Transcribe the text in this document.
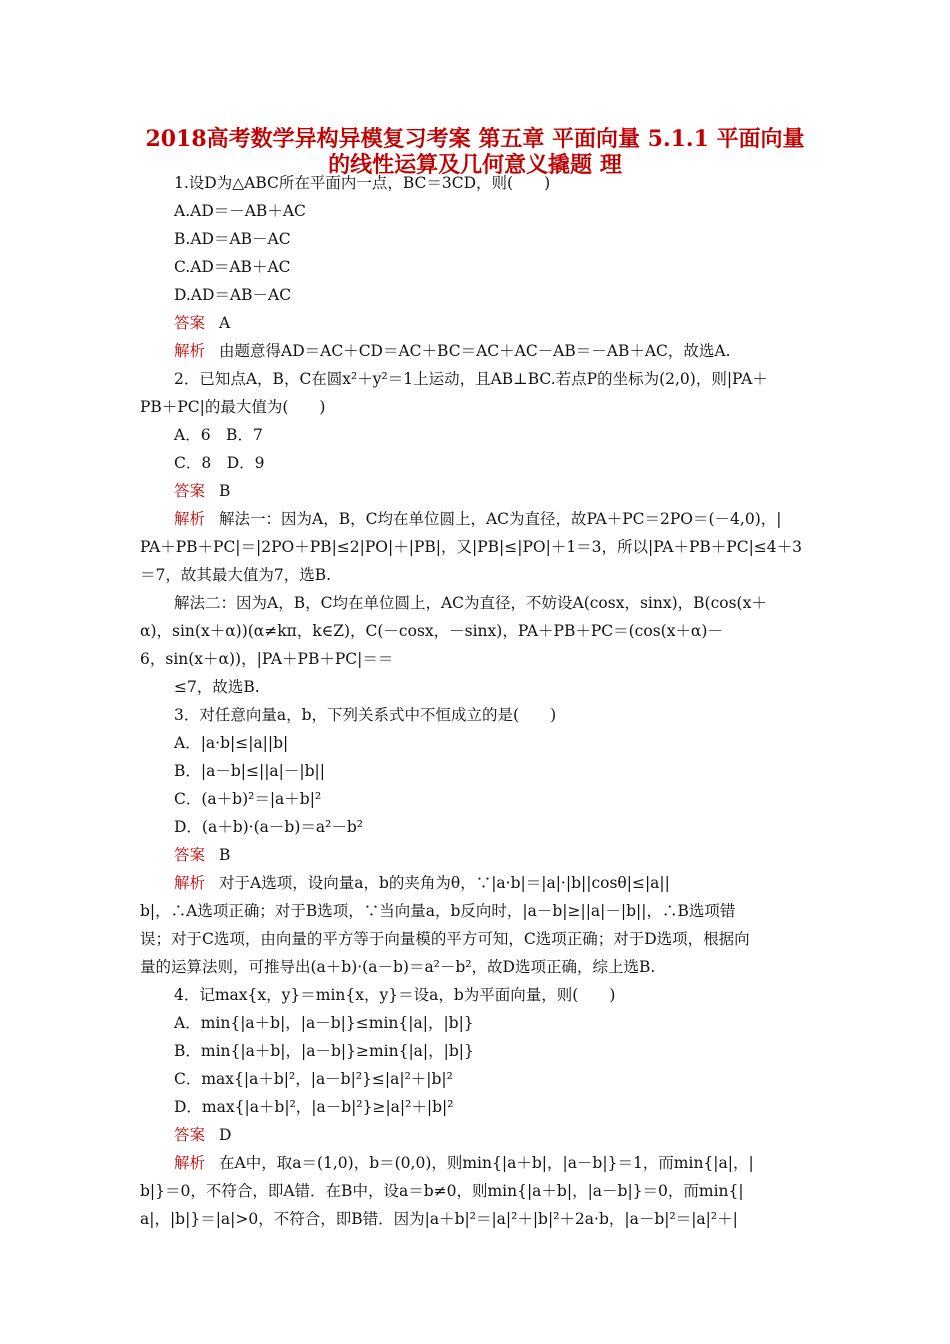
2018高考数学异构异模复习考案 第五章 平面向量 5.1.1 平面向量
的线性运算及几何意义撬题 理
1.设D为△ABC所在平面内一点，BC＝3CD，则(　　)
A.AD＝－AB＋AC
B.AD＝AB－AC
C.AD＝AB＋AC
D.AD＝AB－AC
答案 A
解析 由题意得AD＝AC＋CD＝AC＋BC＝AC＋AC－AB＝－AB＋AC，故选A.
2．已知点A，B，C在圆x²＋y²＝1上运动，且AB⊥BC.若点P的坐标为(2,0)，则|PA＋
PB＋PC|的最大值为(　　)
A．6　B．7
C．8　D．9
答案 B
解析 解法一：因为A，B，C均在单位圆上，AC为直径，故PA＋PC＝2PO＝(－4,0)，|
PA＋PB＋PC|＝|2PO＋PB|≤2|PO|＋|PB|，又|PB|≤|PO|＋1＝3，所以|PA＋PB＋PC|≤4＋3
＝7，故其最大值为7，选B.
解法二：因为A，B，C均在单位圆上，AC为直径，不妨设A(cosx，sinx)，B(cos(x＋
α)，sin(x＋α))(α≠kπ，k∈Z)，C(－cosx，－sinx)，PA＋PB＋PC＝(cos(x＋α)－
6，sin(x＋α))，|PA＋PB＋PC|＝＝
≤7，故选B.
3．对任意向量a，b，下列关系式中不恒成立的是(　　)
A．|a·b|≤|a||b|
B．|a－b|≤||a|－|b||
C．(a＋b)²＝|a＋b|²
D．(a＋b)·(a－b)＝a²－b²
答案 B
解析 对于A选项，设向量a，b的夹角为θ，∵|a·b|＝|a|·|b||cosθ|≤|a||
b|，∴A选项正确；对于B选项，∵当向量a，b反向时，|a－b|≥||a|－|b||，∴B选项错
误；对于C选项，由向量的平方等于向量模的平方可知，C选项正确；对于D选项，根据向
量的运算法则，可推导出(a＋b)·(a－b)＝a²－b²，故D选项正确，综上选B.
4．记max{x，y}＝min{x，y}＝设a，b为平面向量，则(　　)
A．min{|a＋b|，|a－b|}≤min{|a|，|b|}
B．min{|a＋b|，|a－b|}≥min{|a|，|b|}
C．max{|a＋b|²，|a－b|²}≤|a|²＋|b|²
D．max{|a＋b|²，|a－b|²}≥|a|²＋|b|²
答案 D
解析 在A中，取a＝(1,0)，b＝(0,0)，则min{|a＋b|，|a－b|}＝1，而min{|a|，|
b|}＝0，不符合，即A错．在B中，设a＝b≠0，则min{|a＋b|，|a－b|}＝0，而min{|
a|，|b|}＝|a|>0，不符合，即B错．因为|a＋b|²＝|a|²＋|b|²＋2a·b，|a－b|²＝|a|²＋|
